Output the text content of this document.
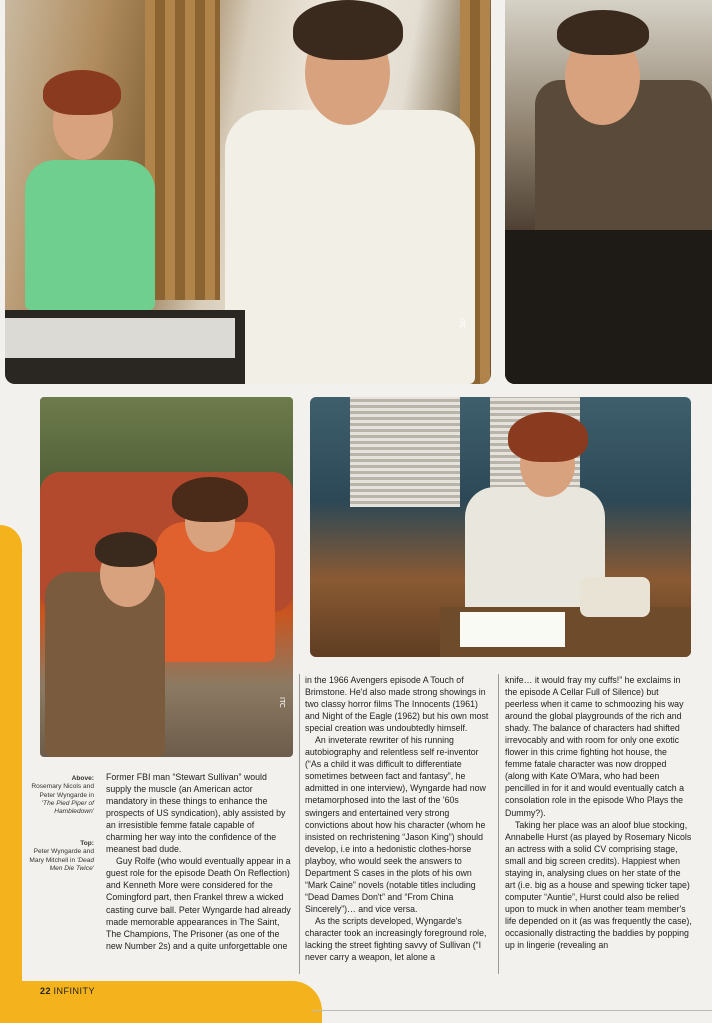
ITC
ITC
Above:
Rosemary Nicols and Peter Wyngarde in 'The Pied Piper of Hambledown'
Top:
Peter Wyngarde and Mary Mitchell in 'Dead Men Die Twice'

Former FBI man “Stewart Sullivan” would supply the muscle (an American actor mandatory in these things to enhance the prospects of US syndication), ably assisted by an irresistible femme fatale capable of charming her way into the confidence of the meanest bad dude.

Guy Rolfe (who would eventually appear in a guest role for the episode Death On Reflection) and Kenneth More were considered for the Comingford part, then Frankel threw a wicked casting curve ball. Peter Wyngarde had already made memorable appearances in The Saint, The Champions, The Prisoner (as one of the new Number 2s) and a quite unforgettable one

in the 1966 Avengers episode A Touch of Brimstone. He'd also made strong showings in two classy horror films The Innocents (1961) and Night of the Eagle (1962) but his own most special creation was undoubtedly himself.

An inveterate rewriter of his running autobiography and relentless self re-inventor (“As a child it was difficult to differentiate sometimes between fact and fantasy”, he admitted in one interview), Wyngarde had now metamorphosed into the last of the '60s swingers and entertained very strong convictions about how his character (whom he insisted on rechristening “Jason King”) should develop, i.e into a hedonistic clothes-horse playboy, who would seek the answers to Department S cases in the plots of his own “Mark Caine” novels (notable titles including “Dead Dames Don't” and “From China Sincerely”)… and vice versa.

As the scripts developed, Wyngarde's character took an increasingly foreground role, lacking the street fighting savvy of Sullivan (“I never carry a weapon, let alone a

knife… it would fray my cuffs!” he exclaims in the episode A Cellar Full of Silence) but peerless when it came to schmoozing his way around the global playgrounds of the rich and shady. The balance of characters had shifted irrevocably and with room for only one exotic flower in this crime fighting hot house, the femme fatale character was now dropped (along with Kate O'Mara, who had been pencilled in for it and would eventually catch a consolation role in the episode Who Plays the Dummy?).

Taking her place was an aloof blue stocking, Annabelle Hurst (as played by Rosemary Nicols an actress with a solid CV comprising stage, small and big screen credits). Happiest when staying in, analysing clues on her state of the art (i.e. big as a house and spewing ticker tape) computer “Auntie”, Hurst could also be relied upon to muck in when another team member's life depended on it (as was frequently the case), occasionally distracting the baddies by popping up in lingerie (revealing an

22 INFINITY
